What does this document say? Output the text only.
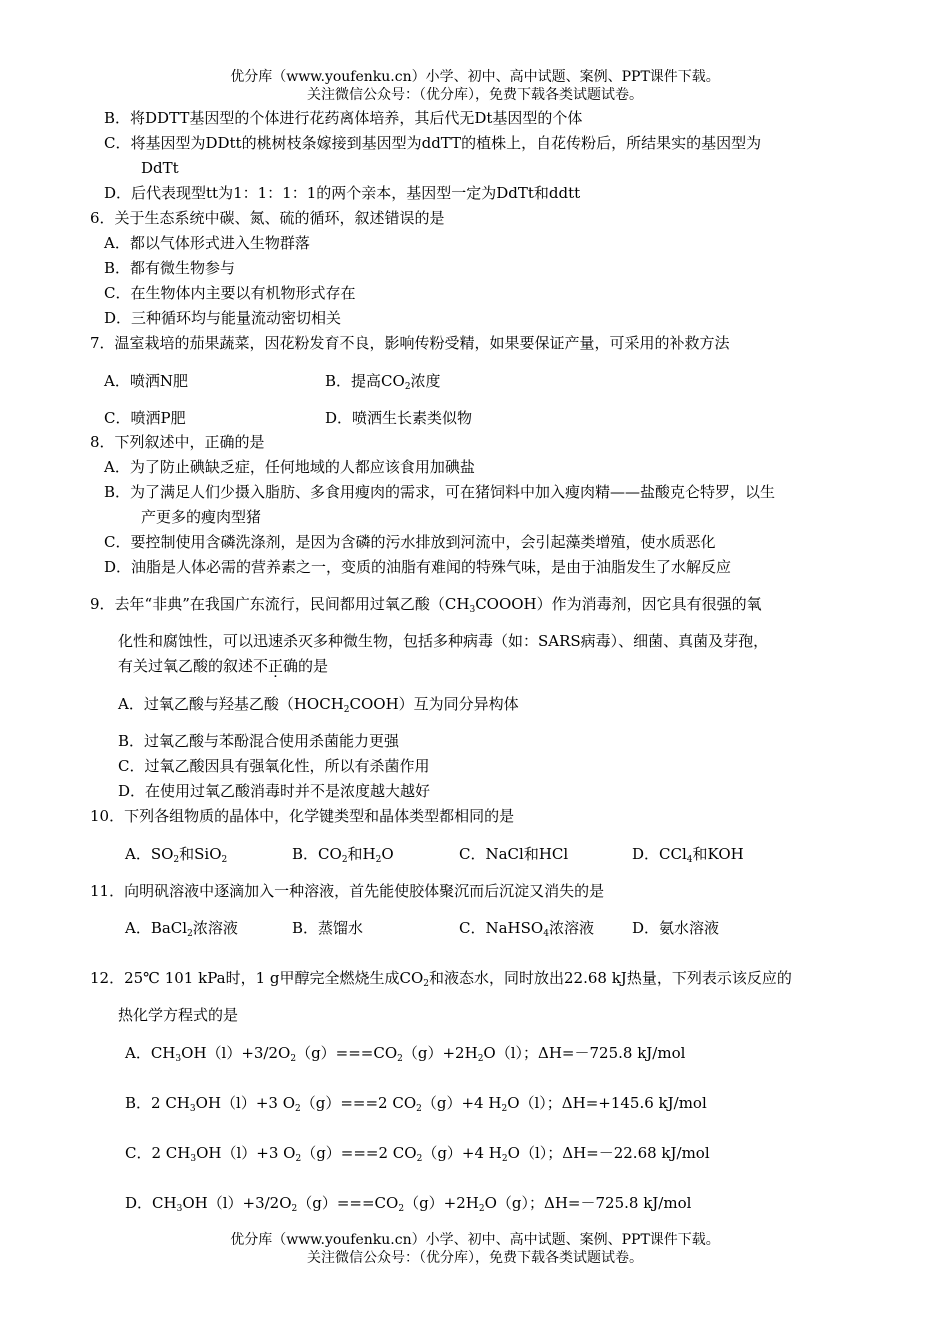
优分库（www.youfenku.cn）小学、初中、高中试题、案例、PPT课件下载。
关注微信公众号：（优分库），免费下载各类试题试卷。
B．将DDTT基因型的个体进行花药离体培养，其后代无Dt基因型的个体
C．将基因型为DDtt的桃树枝条嫁接到基因型为ddTT的植株上，自花传粉后，所结果实的基因型为
DdTt
D．后代表现型tt为1：1：1：1的两个亲本，基因型一定为DdTt和ddtt
6．关于生态系统中碳、氮、硫的循环，叙述错误的是
A．都以气体形式进入生物群落
B．都有微生物参与
C．在生物体内主要以有机物形式存在
D．三种循环均与能量流动密切相关
7．温室栽培的茄果蔬菜，因花粉发育不良，影响传粉受精，如果要保证产量，可采用的补救方法
A．喷洒N肥	B．提高$CO_2$浓度
C．喷洒P肥	D．喷洒生长素类似物
8．下列叙述中，正确的是
A．为了防止碘缺乏症，任何地域的人都应该食用加碘盐
B．为了满足人们少摄入脂肪、多食用瘦肉的需求，可在猪饲料中加入瘦肉精——盐酸克仑特罗，以生
产更多的瘦肉型猪
C．要控制使用含磷洗涤剂，是因为含磷的污水排放到河流中，会引起藻类增殖，使水质恶化
D．油脂是人体必需的营养素之一，变质的油脂有难闻的特殊气味，是由于油脂发生了水解反应
9．去年“非典”在我国广东流行，民间都用过氧乙酸$(CH_3COOOH)$作为消毒剂，因它具有很强的氧
化性和腐蚀性，可以迅速杀灭多种微生物，包括多种病毒（如：SARS病毒）、细菌、真菌及芽孢，
有关过氧乙酸的叙述不正确的是
A．过氧乙酸与羟基乙酸$(HOCH_2COOH)$互为同分异构体
B．过氧乙酸与苯酚混合使用杀菌能力更强
C．过氧乙酸因具有强氧化性，所以有杀菌作用
D．在使用过氧乙酸消毒时并不是浓度越大越好
10．下列各组物质的晶体中，化学键类型和晶体类型都相同的是
A．$SO_2$和SiO$_2$	B．$CO_2$和$H_2O$	C．NaCl和HCl	D．CCl$_4$和KOH
11．向明矾溶液中逐滴加入一种溶液，首先能使胶体聚沉而后沉淀又消失的是
A．BaCl$_2$浓溶液	B．蒸馏水	C．NaHSO$_4$浓溶液	D．氨水溶液
12．25℃ 101 kPa时，1 g甲醇完全燃烧生成$CO_2$和液态水，同时放出22.68 kJ热量，下列表示该反应的
热化学方程式的是
A．$CH_3OH(l)+3/2O_2(g)===CO_2(g)+2H_2O(l)$；ΔH=－725.8 kJ/mol
B．2 $CH_3OH(l)+3$ $O_2(g)===2$ $CO_2(g)+4$ $H_2O(l)$；ΔH=+145.6 kJ/mol
C．2 $CH_3OH(l)+3$ $O_2(g)===2$ $CO_2(g)+4$ $H_2O(l)$；ΔH=－22.68 kJ/mol
D．$CH_3OH(l)+3/2O_2(g)===CO_2(g)+2H_2O(g)$；ΔH=－725.8 kJ/mol
优分库（www.youfenku.cn）小学、初中、高中试题、案例、PPT课件下载。
关注微信公众号：（优分库），免费下载各类试题试卷。
